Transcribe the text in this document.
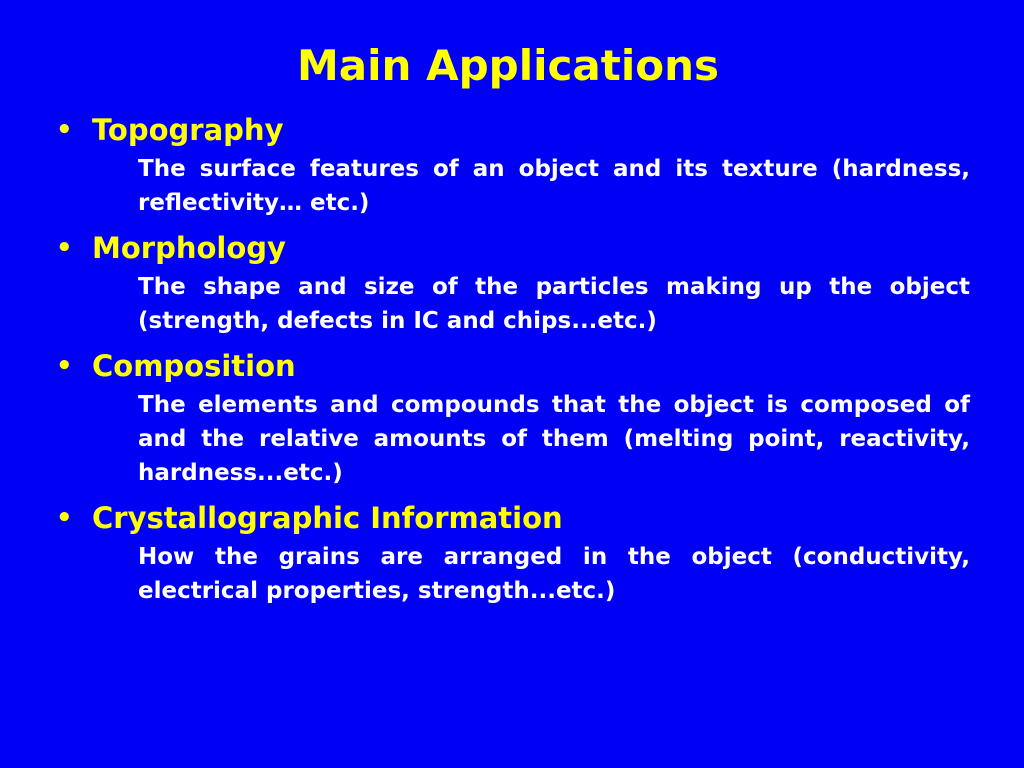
Main Applications
• Topography

The surface features of an object and its texture (hardness, reflectivity… etc.)

• Morphology

The shape and size of the particles making up the object (strength, defects in IC and chips...etc.)

• Composition

The elements and compounds that the object is composed of and the relative amounts of them (melting point, reactivity, hardness...etc.)

• Crystallographic Information

How the grains are arranged in the object (conductivity, electrical properties, strength...etc.)
